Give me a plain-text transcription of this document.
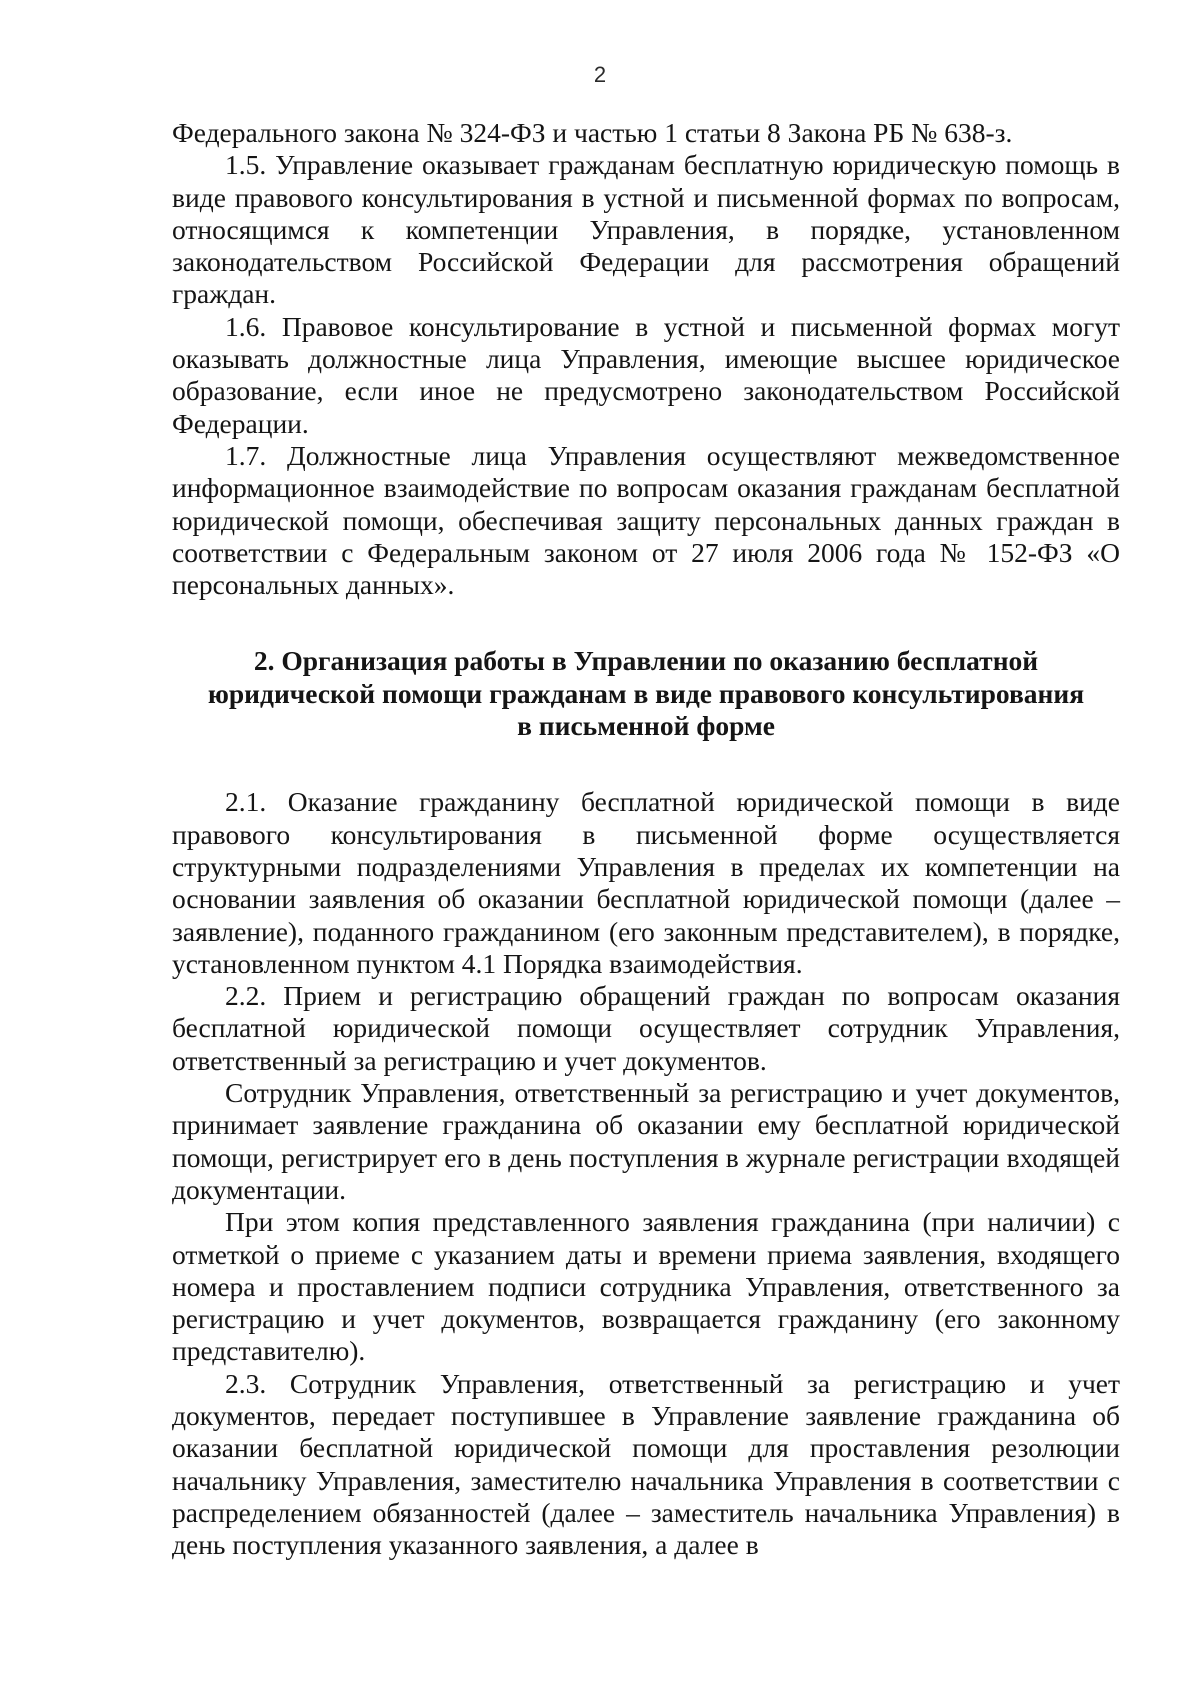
2

Федерального закона № 324-ФЗ и частью 1 статьи 8 Закона РБ № 638-з.

1.5. Управление оказывает гражданам бесплатную юридическую помощь в виде правового консультирования в устной и письменной формах по вопросам, относящимся к компетенции Управления, в порядке, установленном законодательством Российской Федерации для рассмотрения обращений граждан.

1.6. Правовое консультирование в устной и письменной формах могут оказывать должностные лица Управления, имеющие высшее юридическое образование, если иное не предусмотрено законодательством Российской Федерации.

1.7. Должностные лица Управления осуществляют межведомственное информационное взаимодействие по вопросам оказания гражданам бесплатной юридической помощи, обеспечивая защиту персональных данных граждан в соответствии с Федеральным законом от 27 июля 2006 года № 152-ФЗ «О персональных данных».

2. Организация работы в Управлении по оказанию бесплатной
юридической помощи гражданам в виде правового консультирования
в письменной форме

2.1. Оказание гражданину бесплатной юридической помощи в виде правового консультирования в письменной форме осуществляется структурными подразделениями Управления в пределах их компетенции на основании заявления об оказании бесплатной юридической помощи (далее – заявление), поданного гражданином (его законным представителем), в порядке, установленном пунктом 4.1 Порядка взаимодействия.

2.2. Прием и регистрацию обращений граждан по вопросам оказания бесплатной юридической помощи осуществляет сотрудник Управления, ответственный за регистрацию и учет документов.

Сотрудник Управления, ответственный за регистрацию и учет документов, принимает заявление гражданина об оказании ему бесплатной юридической помощи, регистрирует его в день поступления в журнале регистрации входящей документации.

При этом копия представленного заявления гражданина (при наличии) с отметкой о приеме с указанием даты и времени приема заявления, входящего номера и проставлением подписи сотрудника Управления, ответственного за регистрацию и учет документов, возвращается гражданину (его законному представителю).

2.3. Сотрудник Управления, ответственный за регистрацию и учет документов, передает поступившее в Управление заявление гражданина об оказании бесплатной юридической помощи для проставления резолюции начальнику Управления, заместителю начальника Управления в соответствии с распределением обязанностей (далее – заместитель начальника Управления) в день поступления указанного заявления, а далее в
